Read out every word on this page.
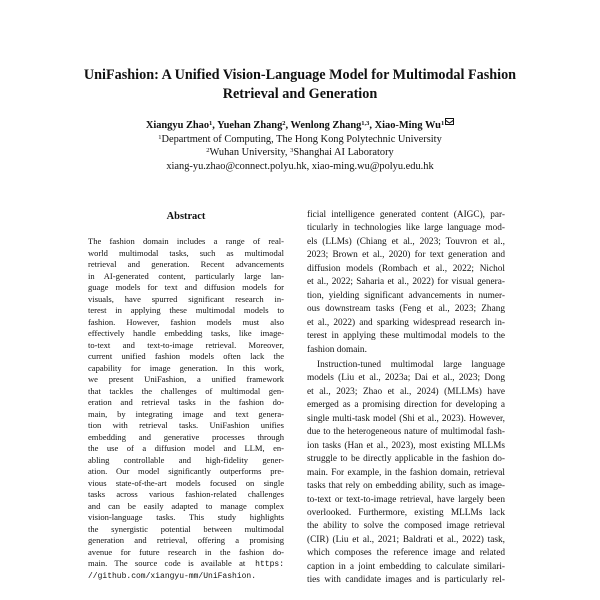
UniFashion: A Unified Vision-Language Model for Multimodal Fashion
Retrieval and Generation
Xiangyu Zhao$^1$, Yuehan Zhang$^2$, Wenlong Zhang$^{1,3}$, Xiao-Ming Wu$^1$
$^1$Department of Computing, The Hong Kong Polytechnic University
$^2$Wuhan University, $^3$Shanghai AI Laboratory
xiang-yu.zhao@connect.polyu.hk, xiao-ming.wu@polyu.edu.hk
Abstract
The fashion domain includes a range of real-
world multimodal tasks, such as multimodal
retrieval and generation. Recent advancements
in AI-generated content, particularly large lan-
guage models for text and diffusion models for
visuals, have spurred significant research in-
terest in applying these multimodal models to
fashion. However, fashion models must also
effectively handle embedding tasks, like image-
to-text and text-to-image retrieval. Moreover,
current unified fashion models often lack the
capability for image generation. In this work,
we present UniFashion, a unified framework
that tackles the challenges of multimodal gen-
eration and retrieval tasks in the fashion do-
main, by integrating image and text genera-
tion with retrieval tasks. UniFashion unifies
embedding and generative processes through
the use of a diffusion model and LLM, en-
abling controllable and high-fidelity gener-
ation. Our model significantly outperforms pre-
vious state-of-the-art models focused on single
tasks across various fashion-related challenges
and can be easily adapted to manage complex
vision-language tasks. This study highlights
the synergistic potential between multimodal
generation and retrieval, offering a promising
avenue for future research in the fashion do-
main. The source code is available at https:
//github.com/xiangyu-mm/UniFashion.
ficial intelligence generated content (AIGC), par-
ticularly in technologies like large language mod-
els (LLMs) (Chiang et al., 2023; Touvron et al.,
2023; Brown et al., 2020) for text generation and
diffusion models (Rombach et al., 2022; Nichol
et al., 2022; Saharia et al., 2022) for visual genera-
tion, yielding significant advancements in numer-
ous downstream tasks (Feng et al., 2023; Zhang
et al., 2022) and sparking widespread research in-
terest in applying these multimodal models to the
fashion domain.
Instruction-tuned multimodal large language
models (Liu et al., 2023a; Dai et al., 2023; Dong
et al., 2023; Zhao et al., 2024) (MLLMs) have
emerged as a promising direction for developing a
single multi-task model (Shi et al., 2023). However,
due to the heterogeneous nature of multimodal fash-
ion tasks (Han et al., 2023), most existing MLLMs
struggle to be directly applicable in the fashion do-
main. For example, in the fashion domain, retrieval
tasks that rely on embedding ability, such as image-
to-text or text-to-image retrieval, have largely been
overlooked. Furthermore, existing MLLMs lack
the ability to solve the composed image retrieval
(CIR) (Liu et al., 2021; Baldrati et al., 2022) task,
which composes the reference image and related
caption in a joint embedding to calculate similari-
ties with candidate images and is particularly rel-
